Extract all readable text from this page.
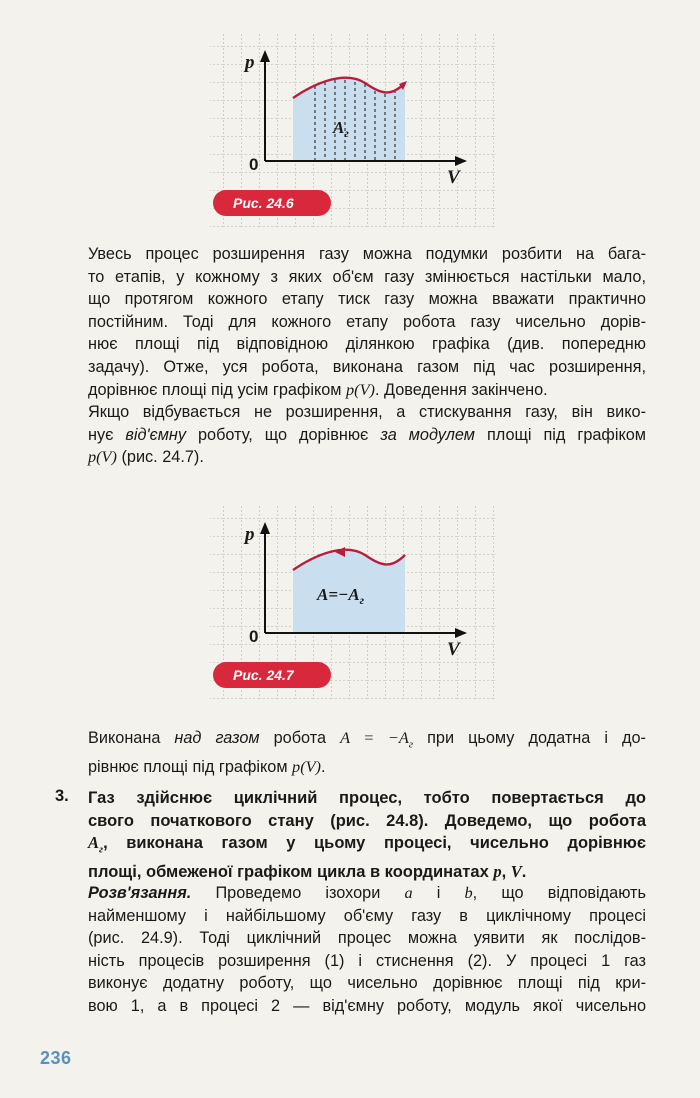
p
V
0
$A_г$
Рис. 24.6
Увесь процес розширення газу можна подумки розбити на бага-
то етапів, у кожному з яких об'єм газу змінюється настільки мало,
що протягом кожного етапу тиск газу можна вважати практично
постійним. Тоді для кожного етапу робота газу чисельно дорів-
нює площі під відповідною ділянкою графіка (див. попередню
задачу). Отже, уся робота, виконана газом під час розширення,
дорівнює площі під усім графіком p(V). Доведення закінчено.
Якщо відбувається не розширення, а стискування газу, він вико-
нує від'ємну роботу, що дорівнює за модулем площі під графіком
p(V) (рис. 24.7).
p
V
0
$A=-A_г$
Рис. 24.7
Виконана над газом робота $A = -A_г$ при цьому додатна і до-
рівнює площі під графіком p(V).
3. Газ здійснює циклічний процес, тобто повертається до
свого початкового стану (рис. 24.8). Доведемо, що робота
$A_г$, виконана газом у цьому процесі, чисельно дорівнює
площі, обмеженої графіком цикла в координатах p, V.
Розв'язання. Проведемо ізохори a і b, що відповідають
найменшому і найбільшому об'єму газу в циклічному процесі
(рис. 24.9). Тоді циклічний процес можна уявити як послідов-
ність процесів розширення (1) і стиснення (2). У процесі 1 газ
виконує додатну роботу, що чисельно дорівнює площі під кри-
вою 1, а в процесі 2 — від'ємну роботу, модуль якої чисельно
236
